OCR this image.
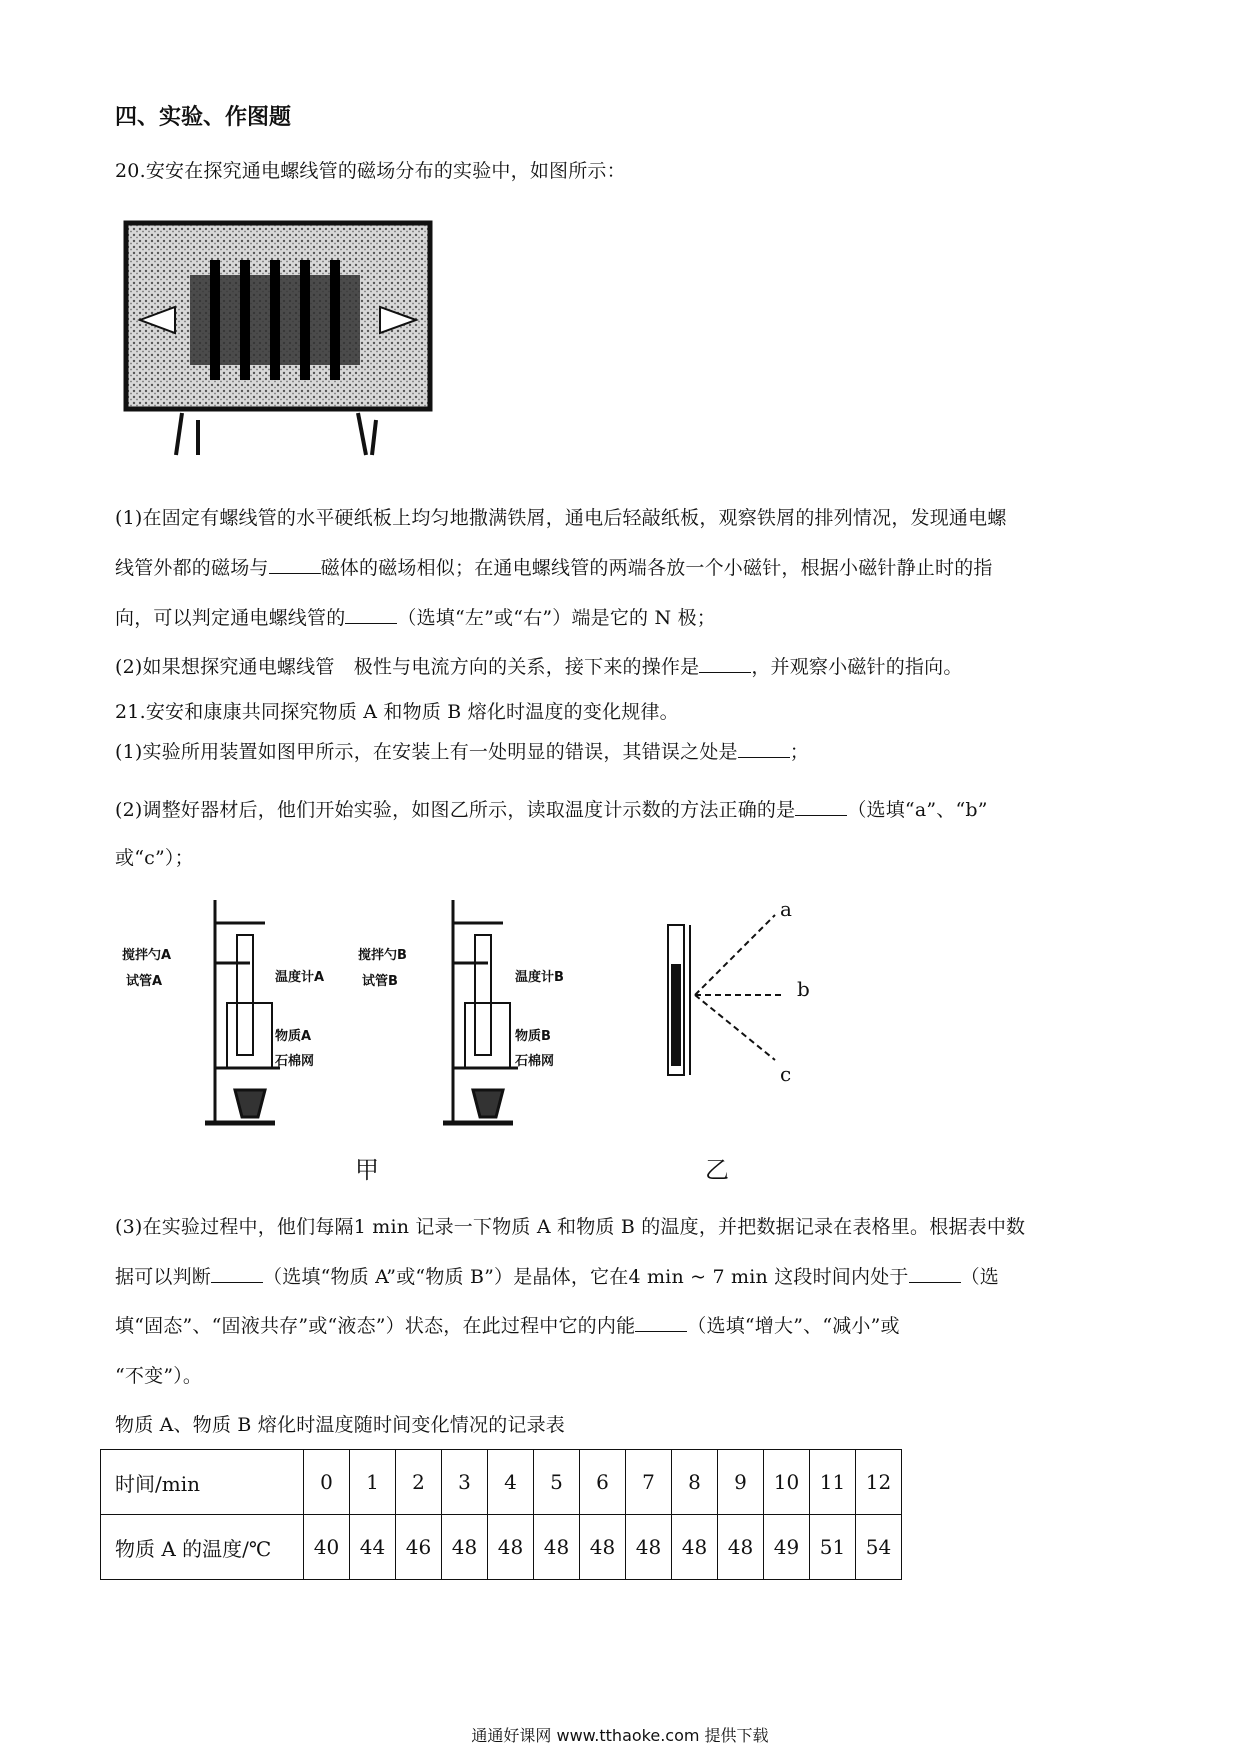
四、实验、作图题
20.安安在探究通电螺线管的磁场分布的实验中，如图所示：
(1)在固定有螺线管的水平硬纸板上均匀地撒满铁屑，通电后轻敲纸板，观察铁屑的排列情况，发现通电螺
线管外都的磁场与	磁体的磁场相似；在通电螺线管的两端各放一个小磁针，根据小磁针静止时的指
向，可以判定通电螺线管的	（选填“左”或“右”）端是它的 N 极；
(2)如果想探究通电螺线管　极性与电流方向的关系，接下来的操作是	，并观察小磁针的指向。
21.安安和康康共同探究物质 A 和物质 B 熔化时温度的变化规律。
(1)实验所用装置如图甲所示，在安装上有一处明显的错误，其错误之处是	；
(2)调整好器材后，他们开始实验，如图乙所示，读取温度计示数的方法正确的是	（选填“a”、“b”
或“c”）；
搅拌勺A
试管A	温度计A
物质A
石棉网
搅拌勺B
试管B	温度计B
物质B
石棉网
a
b
c
甲	乙
(3)在实验过程中，他们每隔1 min 记录一下物质 A 和物质 B 的温度，并把数据记录在表格里。根据表中数
据可以判断	（选填“物质 A”或“物质 B”）是晶体，它在4 min ~ 7 min 这段时间内处于	（选
填“固态”、“固液共存”或“液态”）状态，在此过程中它的内能	（选填“增大”、“减小”或
“不变”）。
物质 A、物质 B 熔化时温度随时间变化情况的记录表
时间/min	0	1	2	3	4	5	6	7	8	9	10	11	12
物质 A 的温度/℃	40	44	46	48	48	48	48	48	48	48	49	51	54
通通好课网 www.tthaoke.com 提供下载
